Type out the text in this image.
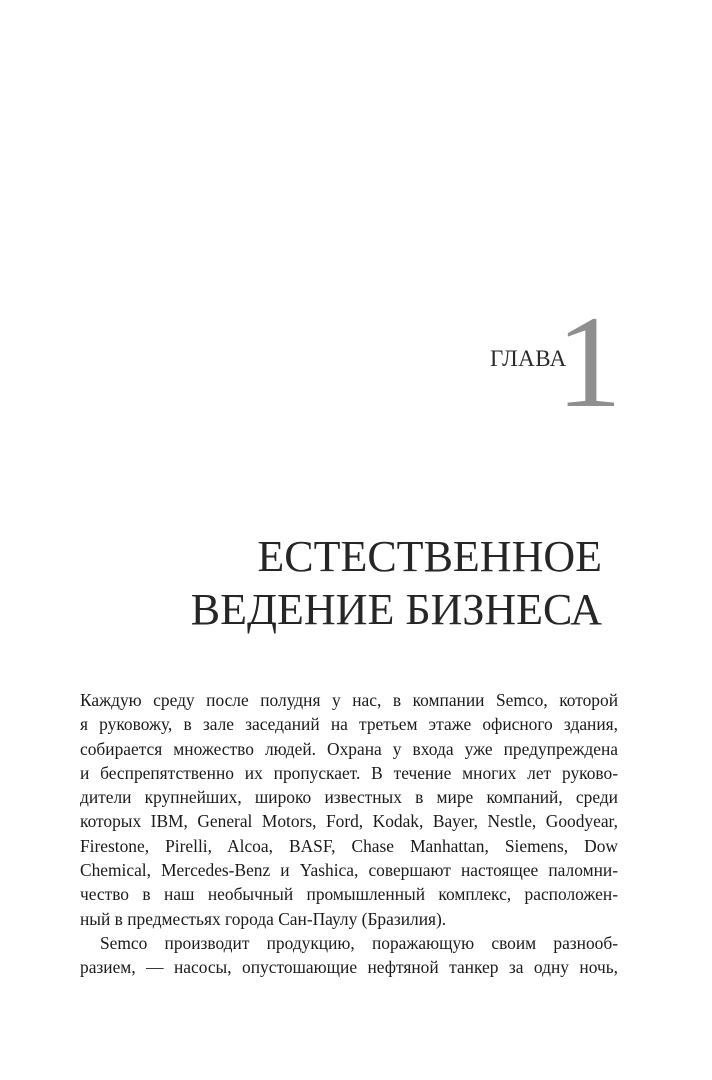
ГЛАВА
1
ЕСТЕСТВЕННОЕ
ВЕДЕНИЕ БИЗНЕСА
Каждую среду после полудня у нас, в компании Semco, которой
я руковожу, в зале заседаний на третьем этаже офисного здания,
собирается множество людей. Охрана у входа уже предупреждена
и беспрепятственно их пропускает. В течение многих лет руково-
дители крупнейших, широко известных в мире компаний, среди
которых IBM, General Motors, Ford, Kodak, Bayer, Nestle, Goodyear,
Firestone, Pirelli, Alcoa, BASF, Chase Manhattan, Siemens, Dow
Chemical, Mercedes-Benz и Yashica, совершают настоящее паломни-
чество в наш необычный промышленный комплекс, расположен-
ный в предместьях города Сан-Паулу (Бразилия).
Semco производит продукцию, поражающую своим разнооб-
разием, — насосы, опустошающие нефтяной танкер за одну ночь,
